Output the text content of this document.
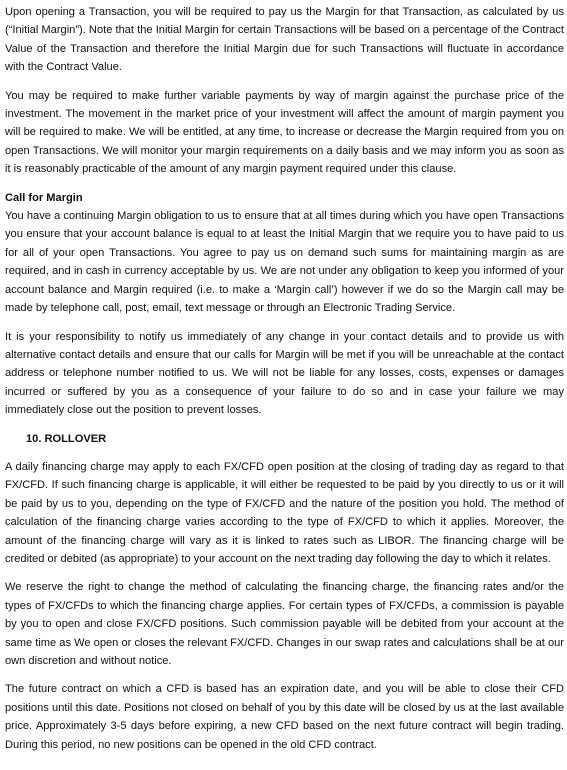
Upon opening a Transaction, you will be required to pay us the Margin for that Transaction, as calculated by us (“Initial Margin”). Note that the Initial Margin for certain Transactions will be based on a percentage of the Contract Value of the Transaction and therefore the Initial Margin due for such Transactions will fluctuate in accordance with the Contract Value.

You may be required to make further variable payments by way of margin against the purchase price of the investment. The movement in the market price of your investment will affect the amount of margin payment you will be required to make. We will be entitled, at any time, to increase or decrease the Margin required from you on open Transactions. We will monitor your margin requirements on a daily basis and we may inform you as soon as it is reasonably practicable of the amount of any margin payment required under this clause.

Call for Margin

You have a continuing Margin obligation to us to ensure that at all times during which you have open Transactions you ensure that your account balance is equal to at least the Initial Margin that we require you to have paid to us for all of your open Transactions. You agree to pay us on demand such sums for maintaining margin as are required, and in cash in currency acceptable by us. We are not under any obligation to keep you informed of your account balance and Margin required (i.e. to make a ‘Margin call’) however if we do so the Margin call may be made by telephone call, post, email, text message or through an Electronic Trading Service.

It is your responsibility to notify us immediately of any change in your contact details and to provide us with alternative contact details and ensure that our calls for Margin will be met if you will be unreachable at the contact address or telephone number notified to us. We will not be liable for any losses, costs, expenses or damages incurred or suffered by you as a consequence of your failure to do so and in case your failure we may immediately close out the position to prevent losses.

10. ROLLOVER

A daily financing charge may apply to each FX/CFD open position at the closing of trading day as regard to that FX/CFD. If such financing charge is applicable, it will either be requested to be paid by you directly to us or it will be paid by us to you, depending on the type of FX/CFD and the nature of the position you hold. The method of calculation of the financing charge varies according to the type of FX/CFD to which it applies. Moreover, the amount of the financing charge will vary as it is linked to rates such as LIBOR. The financing charge will be credited or debited (as appropriate) to your account on the next trading day following the day to which it relates.

We reserve the right to change the method of calculating the financing charge, the financing rates and/or the types of FX/CFDs to which the financing charge applies. For certain types of FX/CFDs, a commission is payable by you to open and close FX/CFD positions. Such commission payable will be debited from your account at the same time as We open or closes the relevant FX/CFD. Changes in our swap rates and calculations shall be at our own discretion and without notice.

The future contract on which a CFD is based has an expiration date, and you will be able to close their CFD positions until this date. Positions not closed on behalf of you by this date will be closed by us at the last available price. Approximately 3-5 days before expiring, a new CFD based on the next future contract will begin trading. During this period, no new positions can be opened in the old CFD contract.
